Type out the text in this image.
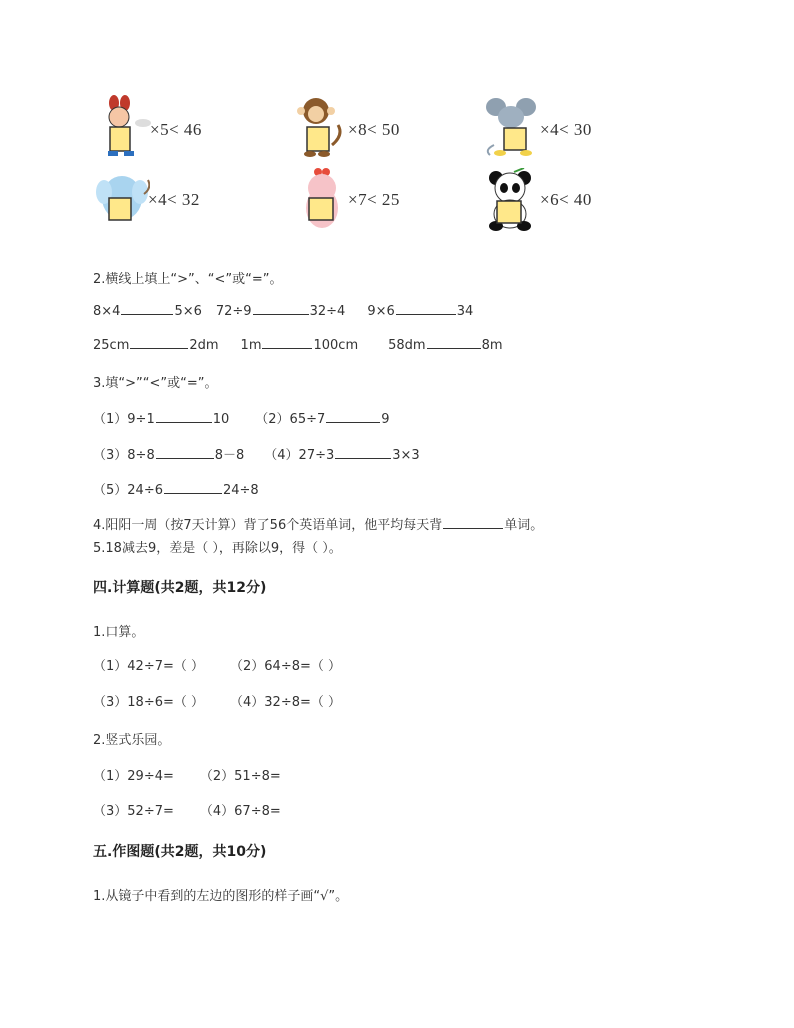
×5< 46	×8< 50	×4< 30
×4< 32	×7< 25	×6< 40
2.横线上填上“>”、“<”或“=”。
8×4	5×6 72÷9	32÷4 9×6	34
25cm	2dm 1m	100cm 58dm	8m
3.填“>”“<”或“=”。
（1）9÷1	10 （2）65÷7	9
（3）8÷8	8－8 （4）27÷3	3×3
（5）24÷6	24÷8
4.阳阳一周（按7天计算）背了56个英语单词，他平均每天背	单词。
5.18减去9，差是（ ），再除以9，得（ ）。
四.计算题(共2题，共12分)
1.口算。
（1）42÷7=（ ） （2）64÷8=（ ）
（3）18÷6=（ ） （4）32÷8=（ ）
2.竖式乐园。
（1）29÷4= （2）51÷8=
（3）52÷7= （4）67÷8=
五.作图题(共2题，共10分)
1.从镜子中看到的左边的图形的样子画“√”。
